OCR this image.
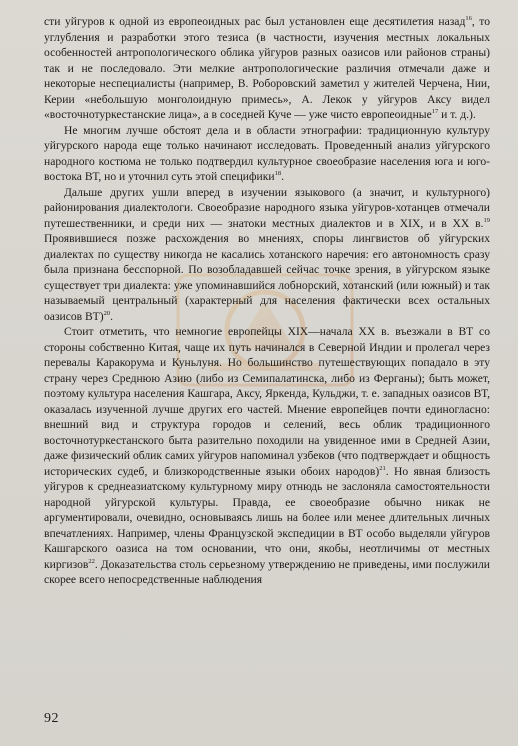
сти уйгуров к одной из европеоидных рас был установлен еще десятилетия назад$^{16}$, то углубления и разработки этого тезиса (в частности, изучения местных локальных особенностей антропологического облика уйгуров разных оазисов или районов страны) так и не последовало. Эти мелкие антропологические различия отмечали даже и некоторые неспециалисты (например, В. Роборовский заметил у жителей Черчена, Нии, Керии «небольшую монголоидную примесь», А. Лекок у уйгуров Аксу видел «восточнотуркестанские лица», а в соседней Куче — уже чисто европеоидные$^{17}$ и т. д.).

Не многим лучше обстоят дела и в области этнографии: традиционную культуру уйгурского народа еще только начинают исследовать. Проведенный анализ уйгурского народного костюма не только подтвердил культурное своеобразие населения юга и юго-востока ВТ, но и уточнил суть этой специфики$^{18}$.

Дальше других ушли вперед в изучении языкового (а значит, и культурного) районирования диалектологи. Своеобразие народного языка уйгуров-хотанцев отмечали путешественники, и среди них — знатоки местных диалектов и в XIX, и в XX в.$^{19}$ Проявившиеся позже расхождения во мнениях, споры лингвистов об уйгурских диалектах по существу никогда не касались хотанского наречия: его автономность сразу была признана бесспорной. По возобладавшей сейчас точке зрения, в уйгурском языке существует три диалекта: уже упоминавшийся лобнорский, хотанский (или южный) и так называемый центральный (характерный для населения фактически всех остальных оазисов ВТ)$^{20}$.

Стоит отметить, что немногие европейцы XIX—начала XX в. въезжали в ВТ со стороны собственно Китая, чаще их путь начинался в Северной Индии и пролегал через перевалы Каракорума и Куньлуня. Но большинство путешествующих попадало в эту страну через Среднюю Азию (либо из Семипалатинска, либо из Ферганы); быть может, поэтому культура населения Кашгара, Аксу, Яркенда, Кульджи, т. е. западных оазисов ВТ, оказалась изученной лучше других его частей. Мнение европейцев почти единогласно: внешний вид и структура городов и селений, весь облик традиционного восточнотуркестанского быта разительно походили на увиденное ими в Средней Азии, даже физический облик самих уйгуров напоминал узбеков (что подтверждает и общность исторических судеб, и близкородственные языки обоих народов)$^{21}$. Но явная близость уйгуров к среднеазиатскому культурному миру отнюдь не заслоняла самостоятельности народной уйгурской культуры. Правда, ее своеобразие обычно никак не аргументировали, очевидно, основываясь лишь на более или менее длительных личных впечатлениях. Например, члены Французской экспедиции в ВТ особо выделяли уйгуров Кашгарского оазиса на том основании, что они, якобы, неотличимы от местных киргизов$^{22}$. Доказательства столь серьезному утверждению не приведены, ими послужили скорее всего непосредственные наблюдения

92
